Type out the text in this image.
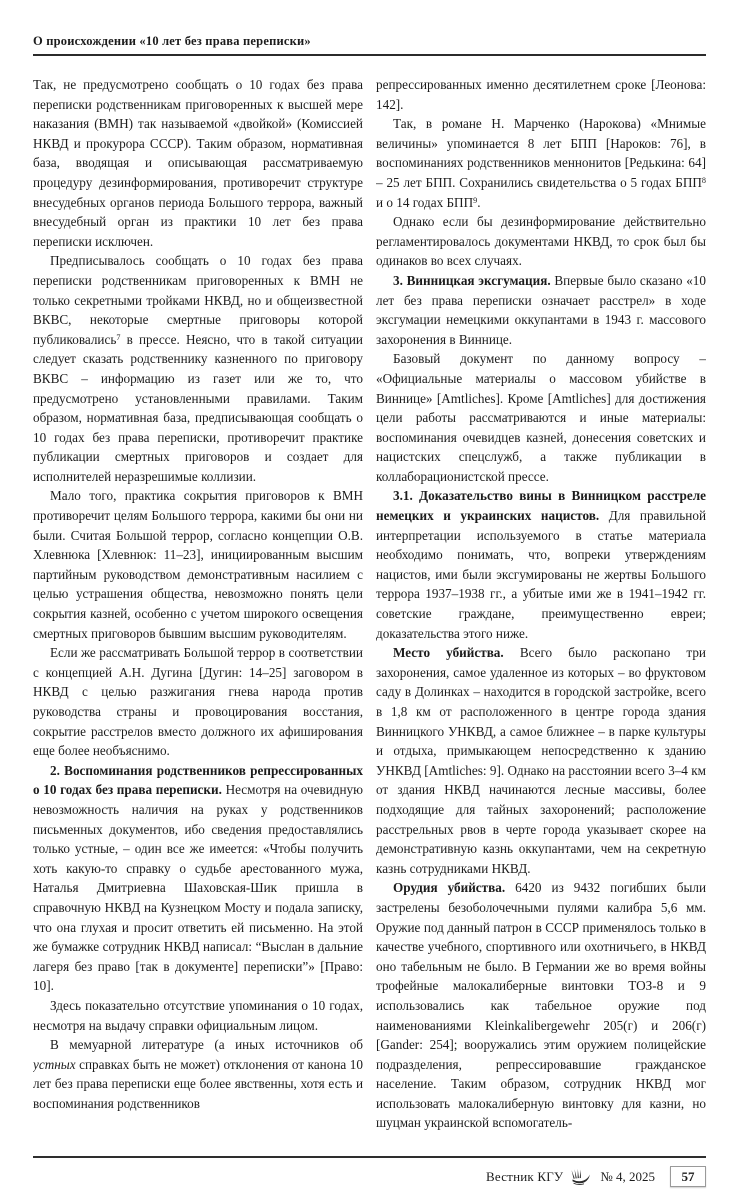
О происхождении «10 лет без права переписки»

Так, не предусмотрено сообщать о 10 годах без права переписки родственникам приговоренных к высшей мере наказания (ВМН) так называемой «двойкой» (Комиссией НКВД и прокурора СССР). Таким образом, нормативная база, вводящая и описывающая рассматриваемую процедуру дезинформирования, противоречит структуре внесудебных органов периода Большого террора, важный внесудебный орган из практики 10 лет без права переписки исключен.

Предписывалось сообщать о 10 годах без права переписки родственникам приговоренных к ВМН не только секретными тройками НКВД, но и общеизвестной ВКВС, некоторые смертные приговоры которой публиковались$^7$ в прессе. Неясно, что в такой ситуации следует сказать родственнику казненного по приговору ВКВС – информацию из газет или же то, что предусмотрено установленными правилами. Таким образом, нормативная база, предписывающая сообщать о 10 годах без права переписки, противоречит практике публикации смертных приговоров и создает для исполнителей неразрешимые коллизии.

Мало того, практика сокрытия приговоров к ВМН противоречит целям Большого террора, какими бы они ни были. Считая Большой террор, согласно концепции О.В. Хлевнюка [Хлевнюк: 11–23], инициированным высшим партийным руководством демонстративным насилием с целью устрашения общества, невозможно понять цели сокрытия казней, особенно с учетом широкого освещения смертных приговоров бывшим высшим руководителям.

Если же рассматривать Большой террор в соответствии с концепцией А.Н. Дугина [Дугин: 14–25] заговором в НКВД с целью разжигания гнева народа против руководства страны и провоцирования восстания, сокрытие расстрелов вместо должного их афиширования еще более необъяснимо.

2. Воспоминания родственников репрессированных о 10 годах без права переписки. Несмотря на очевидную невозможность наличия на руках у родственников письменных документов, ибо сведения предоставлялись только устные, – один все же имеется: «Чтобы получить хоть какую-то справку о судьбе арестованного мужа, Наталья Дмитриевна Шаховская-Шик пришла в справочную НКВД на Кузнецком Мосту и подала записку, что она глухая и просит ответить ей письменно. На этой же бумажке сотрудник НКВД написал: “Выслан в дальние лагеря без право [так в документе] переписки”» [Право: 10].

Здесь показательно отсутствие упоминания о 10 годах, несмотря на выдачу справки официальным лицом.

В мемуарной литературе (а иных источников об устных справках быть не может) отклонения от канона 10 лет без права переписки еще более явственны, хотя есть и воспоминания родственников

репрессированных именно десятилетнем сроке [Леонова: 142].

Так, в романе Н. Марченко (Нарокова) «Мнимые величины» упоминается 8 лет БПП [Нароков: 76], в воспоминаниях родственников меннонитов [Редькина: 64] – 25 лет БПП. Сохранились свидетельства о 5 годах БПП$^8$ и о 14 годах БПП$^9$.

Однако если бы дезинформирование действительно регламентировалось документами НКВД, то срок был бы одинаков во всех случаях.

3. Винницкая эксгумация. Впервые было сказано «10 лет без права переписки означает расстрел» в ходе эксгумации немецкими оккупантами в 1943 г. массового захоронения в Виннице.

Базовый документ по данному вопросу – «Официальные материалы о массовом убийстве в Виннице» [Amtliches]. Кроме [Amtliches] для достижения цели работы рассматриваются и иные материалы: воспоминания очевидцев казней, донесения советских и нацистских спецслужб, а также публикации в коллаборационистской прессе.

3.1. Доказательство вины в Винницком расстреле немецких и украинских нацистов. Для правильной интерпретации используемого в статье материала необходимо понимать, что, вопреки утверждениям нацистов, ими были эксгумированы не жертвы Большого террора 1937–1938 гг., а убитые ими же в 1941–1942 гг. советские граждане, преимущественно евреи; доказательства этого ниже.

Место убийства. Всего было раскопано три захоронения, самое удаленное из которых – во фруктовом саду в Долинках – находится в городской застройке, всего в 1,8 км от расположенного в центре города здания Винницкого УНКВД, а самое ближнее – в парке культуры и отдыха, примыкающем непосредственно к зданию УНКВД [Amtliches: 9]. Однако на расстоянии всего 3–4 км от здания НКВД начинаются лесные массивы, более подходящие для тайных захоронений; расположение расстрельных рвов в черте города указывает скорее на демонстративную казнь оккупантами, чем на секретную казнь сотрудниками НКВД.

Орудия убийства. 6420 из 9432 погибших были застрелены безоболочечными пулями калибра 5,6 мм. Оружие под данный патрон в СССР применялось только в качестве учебного, спортивного или охотничьего, в НКВД оно табельным не было. В Германии же во время войны трофейные малокалиберные винтовки ТОЗ-8 и 9 использовались как табельное оружие под наименованиями Kleinkalibergewehr 205(г) и 206(г) [Gander: 254]; вооружались этим оружием полицейские подразделения, репрессировавшие гражданское население. Таким образом, сотрудник НКВД мог использовать малокалиберную винтовку для казни, но шуцман украинской вспомогатель-

Вестник КГУ	№ 4, 2025 57
